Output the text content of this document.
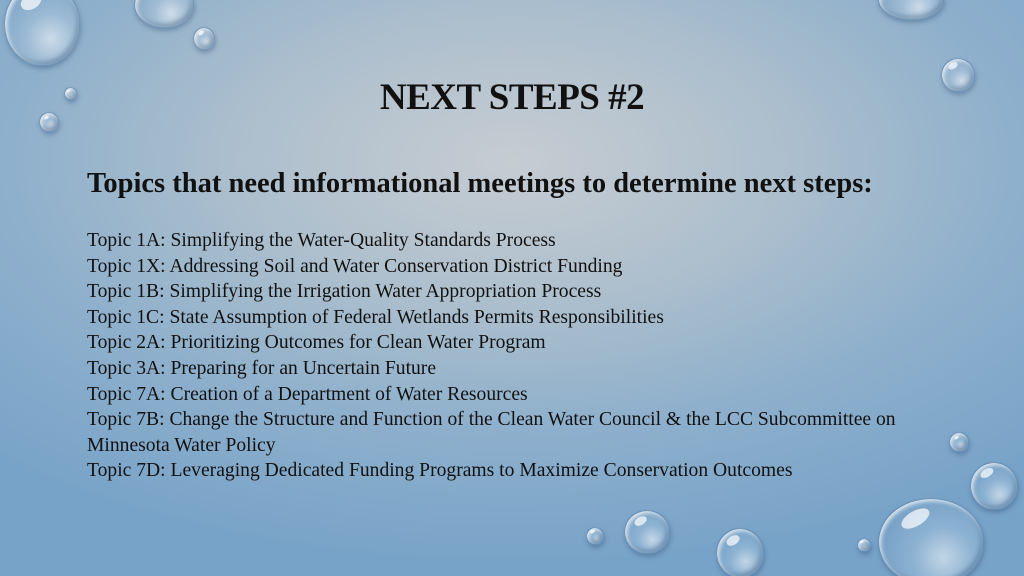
NEXT STEPS #2
Topics that need informational meetings to determine next steps:
Topic 1A: Simplifying the Water-Quality Standards Process
Topic 1X: Addressing Soil and Water Conservation District Funding
Topic 1B: Simplifying the Irrigation Water Appropriation Process
Topic 1C: State Assumption of Federal Wetlands Permits Responsibilities
Topic 2A: Prioritizing Outcomes for Clean Water Program
Topic 3A: Preparing for an Uncertain Future
Topic 7A: Creation of a Department of Water Resources
Topic 7B: Change the Structure and Function of the Clean Water Council & the LCC Subcommittee on Minnesota Water Policy
Topic 7D: Leveraging Dedicated Funding Programs to Maximize Conservation Outcomes
